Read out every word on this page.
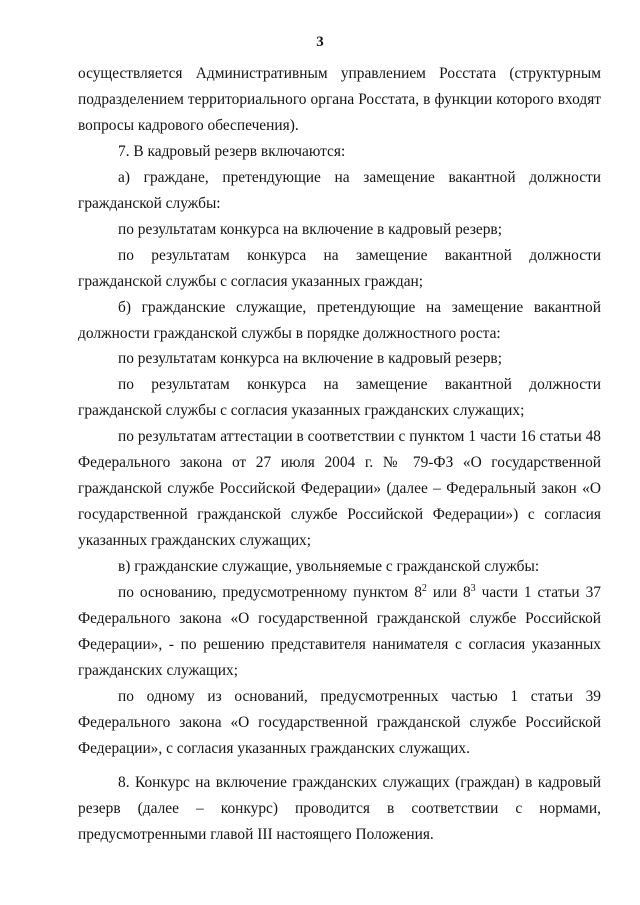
3

осуществляется Административным управлением Росстата (структурным подразделением территориального органа Росстата, в функции которого входят вопросы кадрового обеспечения).

7. В кадровый резерв включаются:

а) граждане, претендующие на замещение вакантной должности гражданской службы:

по результатам конкурса на включение в кадровый резерв;

по результатам конкурса на замещение вакантной должности гражданской службы с согласия указанных граждан;

б) гражданские служащие, претендующие на замещение вакантной должности гражданской службы в порядке должностного роста:

по результатам конкурса на включение в кадровый резерв;

по результатам конкурса на замещение вакантной должности гражданской службы с согласия указанных гражданских служащих;

по результатам аттестации в соответствии с пунктом 1 части 16 статьи 48 Федерального закона от 27 июля 2004 г. № 79-ФЗ «О государственной гражданской службе Российской Федерации» (далее – Федеральный закон «О государственной гражданской службе Российской Федерации») с согласия указанных гражданских служащих;

в) гражданские служащие, увольняемые с гражданской службы:

по основанию, предусмотренному пунктом $8^2$ или $8^3$ части 1 статьи 37 Федерального закона «О государственной гражданской службе Российской Федерации», - по решению представителя нанимателя с согласия указанных гражданских служащих;

по одному из оснований, предусмотренных частью 1 статьи 39 Федерального закона «О государственной гражданской службе Российской Федерации», с согласия указанных гражданских служащих.

8. Конкурс на включение гражданских служащих (граждан) в кадровый резерв (далее – конкурс) проводится в соответствии с нормами, предусмотренными главой III настоящего Положения.
